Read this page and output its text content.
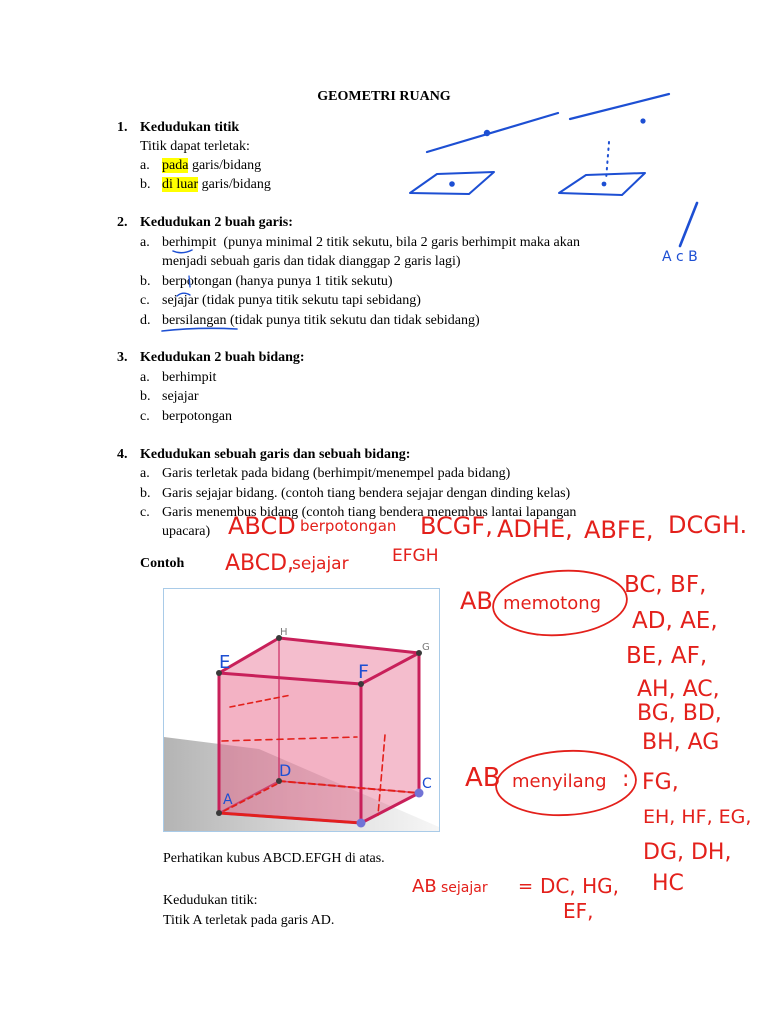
GEOMETRI RUANG
1. Kedudukan titik
Titik dapat terletak:
a. pada garis/bidang
b. di luar garis/bidang
2. Kedudukan 2 buah garis:
a. berhimpit  (punya minimal 2 titik sekutu, bila 2 garis berhimpit maka akan
menjadi sebuah garis dan tidak dianggap 2 garis lagi)
b. berpotongan (hanya punya 1 titik sekutu)
c. sejajar (tidak punya titik sekutu tapi sebidang)
d. bersilangan (tidak punya titik sekutu dan tidak sebidang)
3. Kedudukan 2 buah bidang:
a. berhimpit
b. sejajar
c. berpotongan
4. Kedudukan sebuah garis dan sebuah bidang:
a. Garis terletak pada bidang (berhimpit/menempel pada bidang)
b. Garis sejajar bidang. (contoh tiang bendera sejajar dengan dinding kelas)
c. Garis menembus bidang (contoh tiang bendera menembus lantai lapangan
upacara)
Contoh
H
G
E	F
D
A
C
Perhatikan kubus ABCD.EFGH di atas.
Kedudukan titik:
Titik A terletak pada garis AD.
A c B
ABCD berpotongan BCGF, ADHE, ABFE, DCGH.
ABCD,
sejajar	EFGH
AB memotong
BC, BF,
AD, AE,
BE, AF,
AH, AC,
BG, BD,
BH, AG
AB menyilang : FG,
EH, HF, EG,
DG, DH,
AB sejajar = DC, HG, HC
EF,
